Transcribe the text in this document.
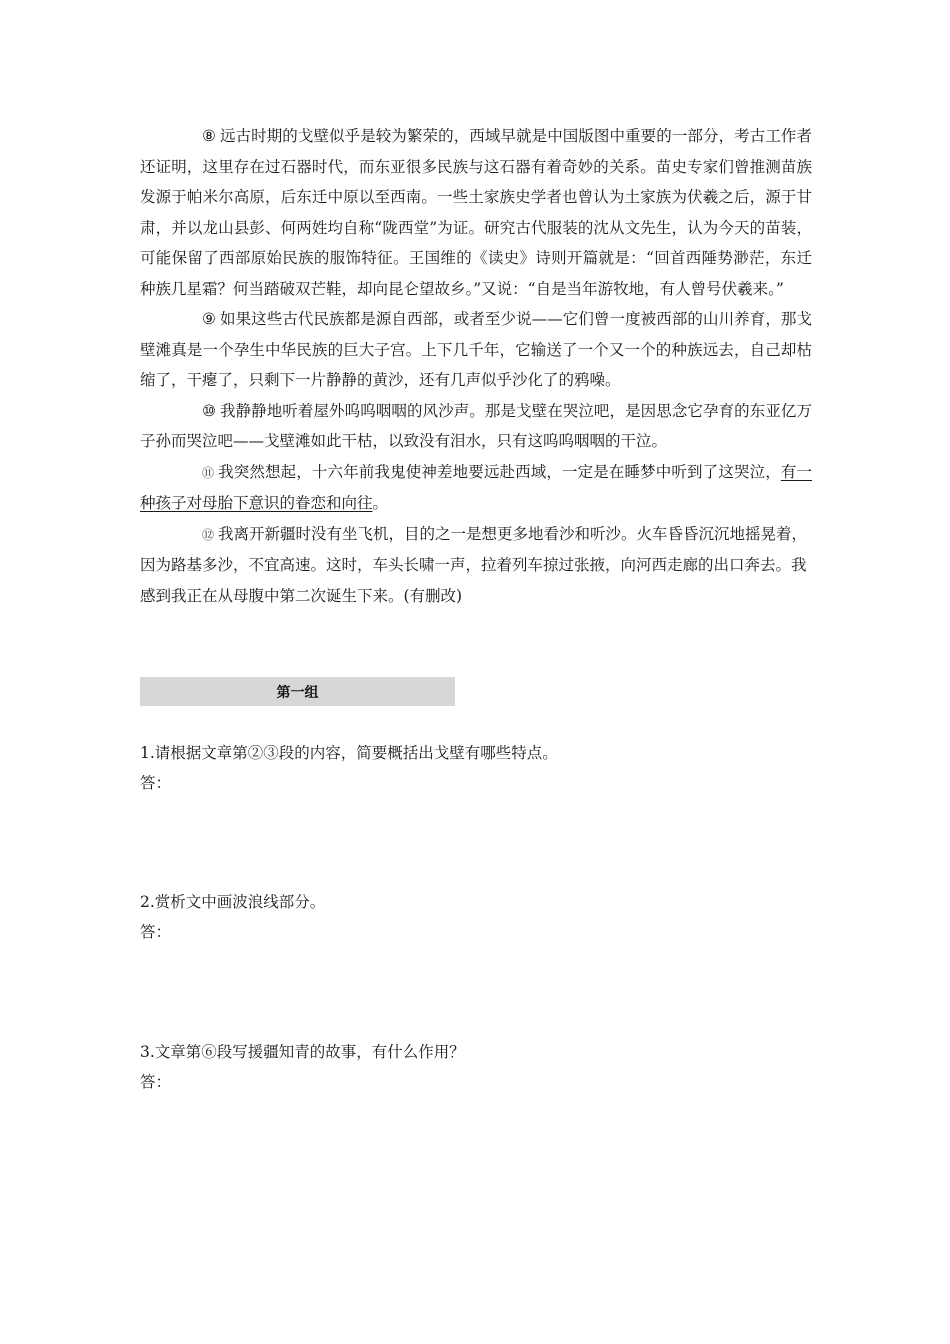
⑧ 远古时期的戈壁似乎是较为繁荣的，西域早就是中国版图中重要的一部分，考古工作者还证明，这里存在过石器时代，而东亚很多民族与这石器有着奇妙的关系。苗史专家们曾推测苗族发源于帕米尔高原，后东迁中原以至西南。一些土家族史学者也曾认为土家族为伏羲之后，源于甘肃，并以龙山县彭、何两姓均自称“陇西堂”为证。研究古代服装的沈从文先生，认为今天的苗装，可能保留了西部原始民族的服饰特征。王国维的《读史》诗则开篇就是：“回首西陲势渺茫，东迁种族几星霜？何当踏破双芒鞋，却向昆仑望故乡。”又说：“自是当年游牧地，有人曾号伏羲来。”

⑨ 如果这些古代民族都是源自西部，或者至少说——它们曾一度被西部的山川养育，那戈壁滩真是一个孕生中华民族的巨大子宫。上下几千年，它输送了一个又一个的种族远去，自己却枯缩了，干瘪了，只剩下一片静静的黄沙，还有几声似乎沙化了的鸦噪。

⑩ 我静静地听着屋外呜呜咽咽的风沙声。那是戈壁在哭泣吧，是因思念它孕育的东亚亿万子孙而哭泣吧——戈壁滩如此干枯，以致没有泪水，只有这呜呜咽咽的干泣。

⑪ 我突然想起，十六年前我鬼使神差地要远赴西域，一定是在睡梦中听到了这哭泣，有一种孩子对母胎下意识的眷恋和向往。

⑫ 我离开新疆时没有坐飞机，目的之一是想更多地看沙和听沙。火车昏昏沉沉地摇晃着，因为路基多沙，不宜高速。这时，车头长啸一声，拉着列车掠过张掖，向河西走廊的出口奔去。我感到我正在从母腹中第二次诞生下来。(有删改)

第一组
1.请根据文章第②③段的内容，简要概括出戈壁有哪些特点。
答：
2.赏析文中画波浪线部分。
答：
3.文章第⑥段写援疆知青的故事，有什么作用？
答：
